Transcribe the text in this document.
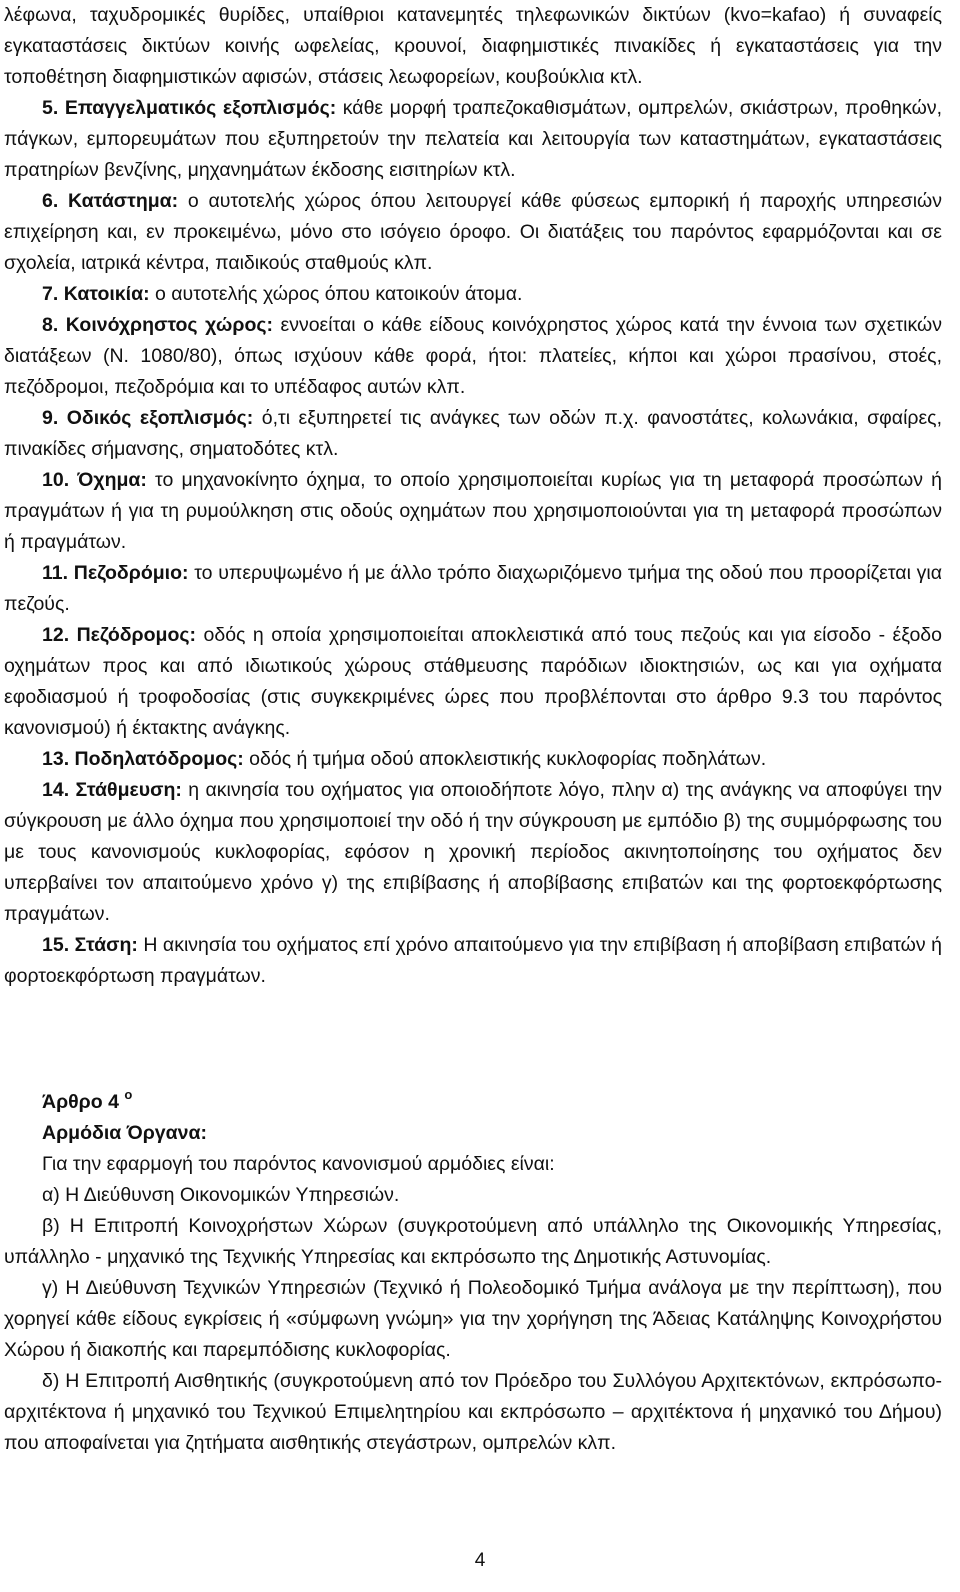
λέφωνα, ταχυδρομικές θυρίδες, υπαίθριοι κατανεμητές τηλεφωνικών δικτύων (kvo=kafao) ή συναφείς εγκαταστάσεις δικτύων κοινής ωφελείας, κρουνοί, διαφημιστικές πινακίδες ή εγκαταστάσεις για την τοποθέτηση διαφημιστικών αφισών, στάσεις λεωφορείων, κουβούκλια κτλ.

5. Επαγγελματικός εξοπλισμός: κάθε μορφή τραπεζοκαθισμάτων, ομπρελών, σκιάστρων, προθηκών, πάγκων, εμπορευμάτων που εξυπηρετούν την πελατεία και λειτουργία των καταστημάτων, εγκαταστάσεις πρατηρίων βενζίνης, μηχανημάτων έκδοσης εισιτηρίων κτλ.

6. Κατάστημα: ο αυτοτελής χώρος όπου λειτουργεί κάθε φύσεως εμπορική ή παροχής υπηρεσιών επιχείρηση και, εν προκειμένω, μόνο στο ισόγειο όροφο. Οι διατάξεις του παρόντος εφαρμόζονται και σε σχολεία, ιατρικά κέντρα, παιδικούς σταθμούς κλπ.

7. Κατοικία: ο αυτοτελής χώρος όπου κατοικούν άτομα.

8. Κοινόχρηστος χώρος: εννοείται ο κάθε είδους κοινόχρηστος χώρος κατά την έννοια των σχετικών διατάξεων (Ν. 1080/80), όπως ισχύουν κάθε φορά, ήτοι: πλατείες, κήποι και χώροι πρασίνου, στοές, πεζόδρομοι, πεζοδρόμια και το υπέδαφος αυτών κλπ.

9. Οδικός εξοπλισμός: ό,τι εξυπηρετεί τις ανάγκες των οδών π.χ. φανοστάτες, κολωνάκια, σφαίρες, πινακίδες σήμανσης, σηματοδότες κτλ.

10. Όχημα: το μηχανοκίνητο όχημα, το οποίο χρησιμοποιείται κυρίως για τη μεταφορά προσώπων ή πραγμάτων ή για τη ρυμούλκηση στις οδούς οχημάτων που χρησιμοποιούνται για τη μεταφορά προσώπων ή πραγμάτων.

11. Πεζοδρόμιο: το υπερυψωμένο ή με άλλο τρόπο διαχωριζόμενο τμήμα της οδού που προορίζεται για πεζούς.

12. Πεζόδρομος: οδός η οποία χρησιμοποιείται αποκλειστικά από τους πεζούς και για είσοδο - έξοδο οχημάτων προς και από ιδιωτικούς χώρους στάθμευσης παρόδιων ιδιοκτησιών, ως και για οχήματα εφοδιασμού ή τροφοδοσίας (στις συγκεκριμένες ώρες που προβλέπονται στο άρθρο 9.3 του παρόντος κανονισμού) ή έκτακτης ανάγκης.

13. Ποδηλατόδρομος: οδός ή τμήμα οδού αποκλειστικής κυκλοφορίας ποδηλάτων.

14. Στάθμευση: η ακινησία του οχήματος για οποιοδήποτε λόγο, πλην α) της ανάγκης να αποφύγει την σύγκρουση με άλλο όχημα που χρησιμοποιεί την οδό ή την σύγκρουση με εμπόδιο β) της συμμόρφωσης του με τους κανονισμούς κυκλοφορίας, εφόσον η χρονική περίοδος ακινητοποίησης του οχήματος δεν υπερβαίνει τον απαιτούμενο χρόνο γ) της επιβίβασης ή αποβίβασης επιβατών και της φορτοεκφόρτωσης πραγμάτων.

15. Στάση: Η ακινησία του οχήματος επί χρόνο απαιτούμενο για την επιβίβαση ή αποβίβαση επιβατών ή φορτοεκφόρτωση πραγμάτων.

Άρθρο 4 $^o$

Αρμόδια Όργανα:

Για την εφαρμογή του παρόντος κανονισμού αρμόδιες είναι:

α) Η Διεύθυνση Οικονομικών Υπηρεσιών.

β) Η Επιτροπή Κοινοχρήστων Χώρων (συγκροτούμενη από υπάλληλο της Οικονομικής Υπηρεσίας, υπάλληλο - μηχανικό της Τεχνικής Υπηρεσίας και εκπρόσωπο της Δημοτικής Αστυνομίας.

γ) Η Διεύθυνση Τεχνικών Υπηρεσιών (Τεχνικό ή Πολεοδομικό Τμήμα ανάλογα με την περίπτωση), που χορηγεί κάθε είδους εγκρίσεις ή «σύμφωνη γνώμη» για την χορήγηση της Άδειας Κατάληψης Κοινοχρήστου Χώρου ή διακοπής και παρεμπόδισης κυκλοφορίας.

δ) Η Επιτροπή Αισθητικής (συγκροτούμενη από τον Πρόεδρο του Συλλόγου Αρχιτεκτόνων, εκπρόσωπο-αρχιτέκτονα ή μηχανικό του Τεχνικού Επιμελητηρίου και εκπρόσωπο – αρχιτέκτονα ή μηχανικό του Δήμου) που αποφαίνεται για ζητήματα αισθητικής στεγάστρων, ομπρελών κλπ.

4
